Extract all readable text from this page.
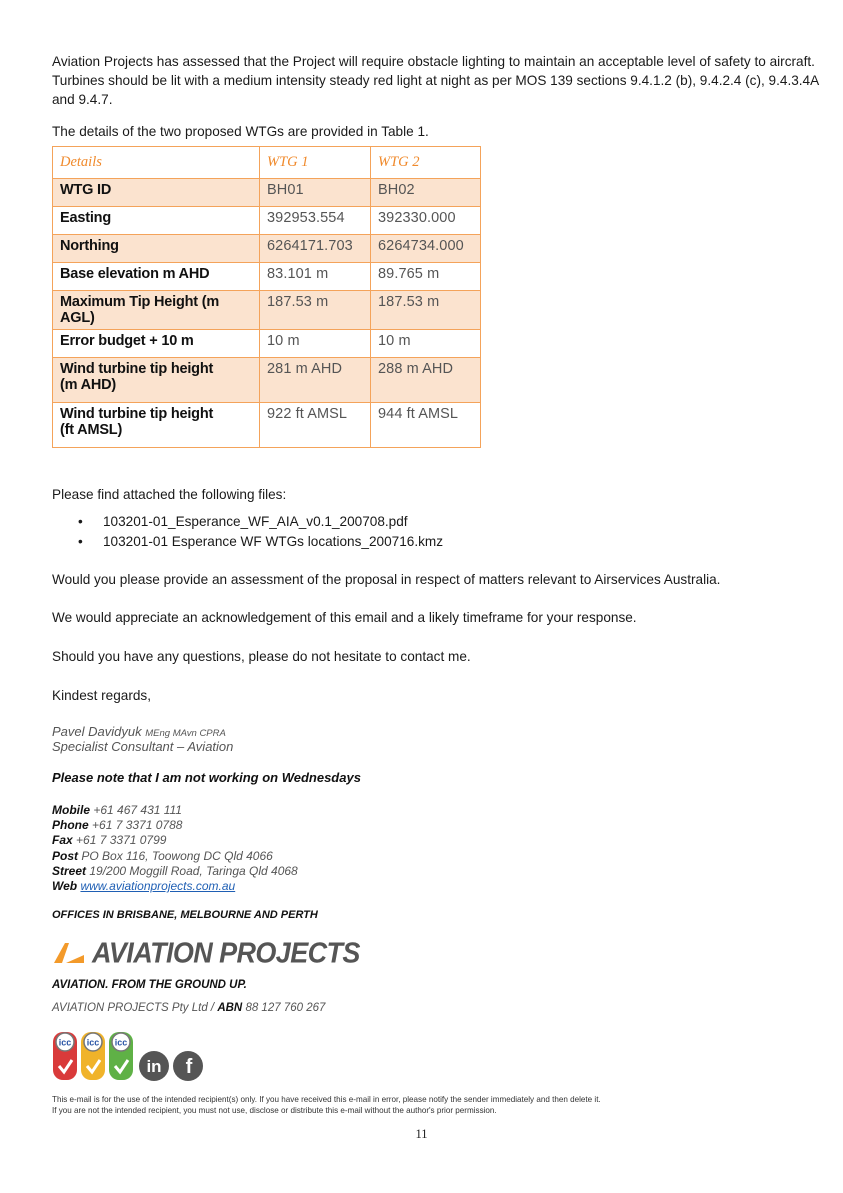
Aviation Projects has assessed that the Project will require obstacle lighting to maintain an acceptable level of safety to aircraft. Turbines should be lit with a medium intensity steady red light at night as per MOS 139 sections 9.4.1.2 (b), 9.4.2.4 (c), 9.4.3.4A and 9.4.7.

The details of the two proposed WTGs are provided in Table 1.

Details	WTG 1	WTG 2
WTG ID	BH01	BH02
Easting	392953.554	392330.000
Northing	6264171.703	6264734.000
Base elevation m AHD	83.101 m	89.765 m
Maximum Tip Height (m AGL)	187.53 m	187.53 m
Error budget + 10 m	10 m	10 m
Wind turbine tip height
(m AHD)	281 m AHD	288 m AHD
Wind turbine tip height
(ft AMSL)	922 ft AMSL	944 ft AMSL

Please find attached the following files:

• 103201-01_Esperance_WF_AIA_v0.1_200708.pdf
• 103201-01 Esperance WF WTGs locations_200716.kmz

Would you please provide an assessment of the proposal in respect of matters relevant to Airservices Australia.

We would appreciate an acknowledgement of this email and a likely timeframe for your response.

Should you have any questions, please do not hesitate to contact me.

Kindest regards,

Pavel Davidyuk MEng MAvn CPRA
Specialist Consultant – Aviation
Please note that I am not working on Wednesdays
Mobile +61 467 431 111
Phone +61 7 3371 0788
Fax +61 7 3371 0799
Post PO Box 116, Toowong DC Qld 4066
Street 19/200 Moggill Road, Taringa Qld 4068
Web www.aviationprojects.com.au
OFFICES IN BRISBANE, MELBOURNE AND PERTH
AVIATION PROJECTS
AVIATION. FROM THE GROUND UP.
AVIATION PROJECTS Pty Ltd / ABN 88 127 760 267
icc icc icc
in f
This e-mail is for the use of the intended recipient(s) only. If you have received this e-mail in error, please notify the sender immediately and then delete it.
If you are not the intended recipient, you must not use, disclose or distribute this e-mail without the author's prior permission.
11
